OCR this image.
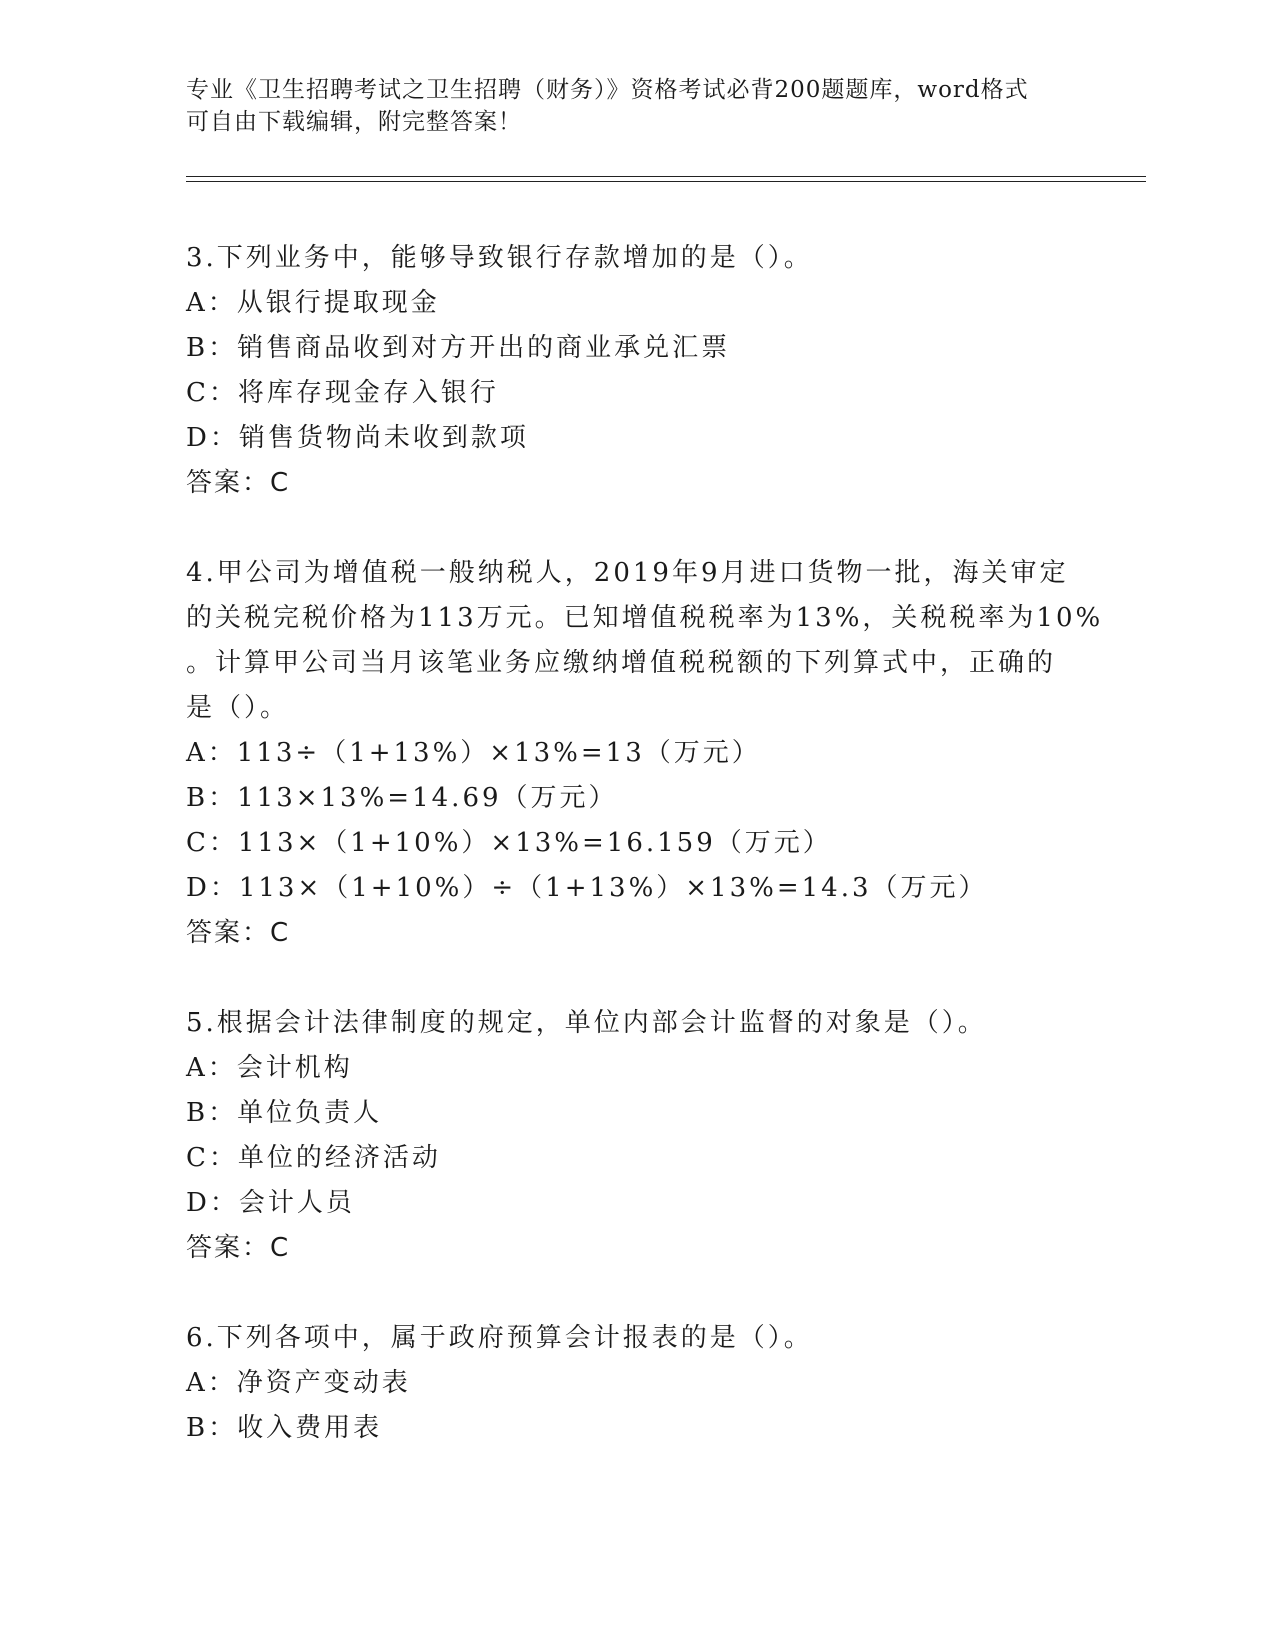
专业《卫生招聘考试之卫生招聘（财务）》资格考试必背200题题库，word格式
可自由下载编辑，附完整答案！
3.下列业务中，能够导致银行存款增加的是（）。
A：从银行提取现金
B：销售商品收到对方开出的商业承兑汇票
C：将库存现金存入银行
D：销售货物尚未收到款项
答案：C
4.甲公司为增值税一般纳税人，2019年9月进口货物一批，海关审定
的关税完税价格为113万元。已知增值税税率为13%，关税税率为10%
。计算甲公司当月该笔业务应缴纳增值税税额的下列算式中，正确的
是（）。
A：113÷（1+13%）×13%=13（万元）
B：113×13%=14.69（万元）
C：113×（1+10%）×13%=16.159（万元）
D：113×（1+10%）÷（1+13%）×13%=14.3（万元）
答案：C
5.根据会计法律制度的规定，单位内部会计监督的对象是（）。
A：会计机构
B：单位负责人
C：单位的经济活动
D：会计人员
答案：C
6.下列各项中，属于政府预算会计报表的是（）。
A：净资产变动表
B：收入费用表
